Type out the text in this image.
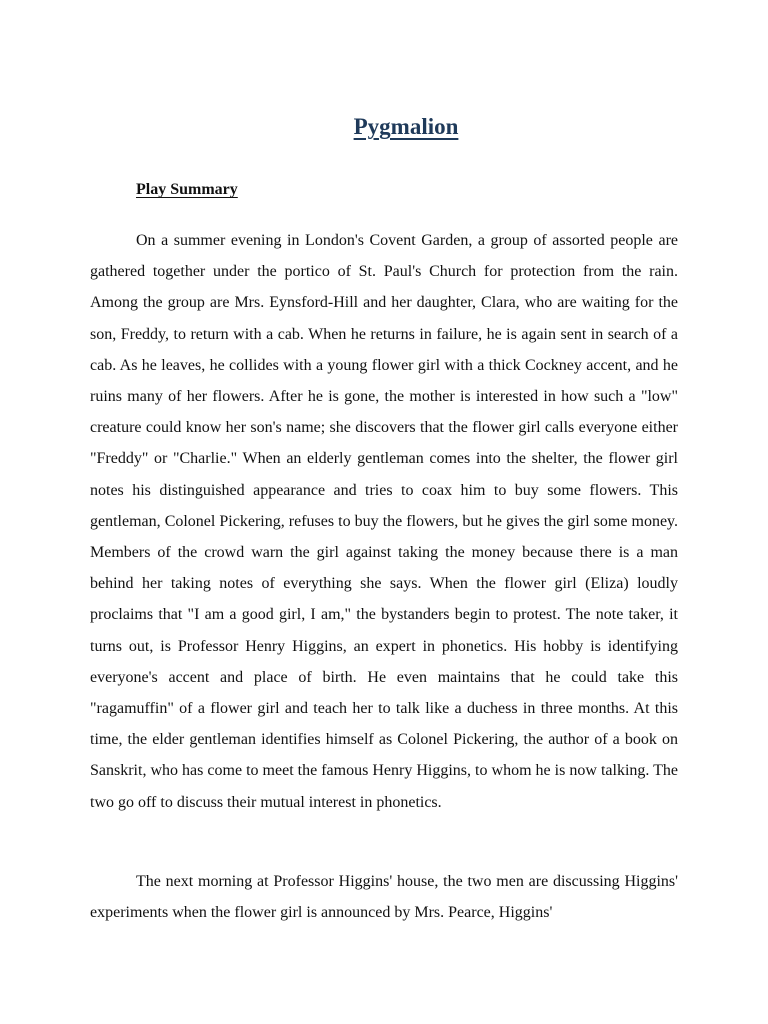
Pygmalion
Play Summary

On a summer evening in London's Covent Garden, a group of assorted people are gathered together under the portico of St. Paul's Church for protection from the rain. Among the group are Mrs. Eynsford-Hill and her daughter, Clara, who are waiting for the son, Freddy, to return with a cab. When he returns in failure, he is again sent in search of a cab. As he leaves, he collides with a young flower girl with a thick Cockney accent, and he ruins many of her flowers. After he is gone, the mother is interested in how such a "low" creature could know her son's name; she discovers that the flower girl calls everyone either "Freddy" or "Charlie." When an elderly gentleman comes into the shelter, the flower girl notes his distinguished appearance and tries to coax him to buy some flowers. This gentleman, Colonel Pickering, refuses to buy the flowers, but he gives the girl some money. Members of the crowd warn the girl against taking the money because there is a man behind her taking notes of everything she says. When the flower girl (Eliza) loudly proclaims that "I am a good girl, I am," the bystanders begin to protest. The note taker, it turns out, is Professor Henry Higgins, an expert in phonetics. His hobby is identifying everyone's accent and place of birth. He even maintains that he could take this "ragamuffin" of a flower girl and teach her to talk like a duchess in three months. At this time, the elder gentleman identifies himself as Colonel Pickering, the author of a book on Sanskrit, who has come to meet the famous Henry Higgins, to whom he is now talking. The two go off to discuss their mutual interest in phonetics.

The next morning at Professor Higgins' house, the two men are discussing Higgins' experiments when the flower girl is announced by Mrs. Pearce, Higgins'
